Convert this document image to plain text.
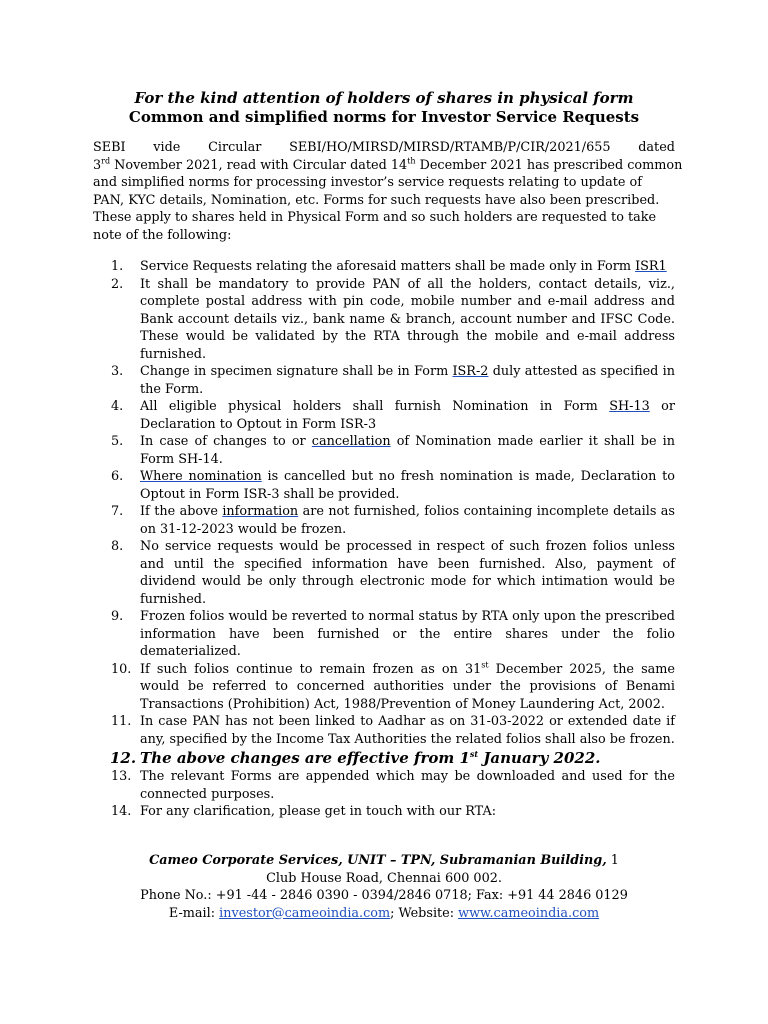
For the kind attention of holders of shares in physical form
Common and simplified norms for Investor Service Requests
SEBI vide Circular SEBI/HO/MIRSD/MIRSD/RTAMB/P/CIR/2021/655 dated
3rd November 2021, read with Circular dated 14th December 2021 has prescribed common
and simplified norms for processing investor’s service requests relating to update of
PAN, KYC details, Nomination, etc. Forms for such requests have also been prescribed.
These apply to shares held in Physical Form and so such holders are requested to take
note of the following:
1.	Service Requests relating the aforesaid matters shall be made only in Form ISR1
2.	It shall be mandatory to provide PAN of all the holders, contact details, viz., complete postal address with pin code, mobile number and e-mail address and Bank account details viz., bank name & branch, account number and IFSC Code. These would be validated by the RTA through the mobile and e-mail address furnished.
3.	Change in specimen signature shall be in Form ISR-2 duly attested as specified in the Form.
4.	All eligible physical holders shall furnish Nomination in Form SH-13 or Declaration to Optout in Form ISR-3
5.	In case of changes to or cancellation of Nomination made earlier it shall be in Form SH-14.
6.	Where nomination is cancelled but no fresh nomination is made, Declaration to Optout in Form ISR-3 shall be provided.
7.	If the above information are not furnished, folios containing incomplete details as on 31-12-2023 would be frozen.
8.	No service requests would be processed in respect of such frozen folios unless and until the specified information have been furnished. Also, payment of dividend would be only through electronic mode for which intimation would be furnished.
9.	Frozen folios would be reverted to normal status by RTA only upon the prescribed information have been furnished or the entire shares under the folio dematerialized.
10. If such folios continue to remain frozen as on 31st December 2025, the same would be referred to concerned authorities under the provisions of Benami Transactions (Prohibition) Act, 1988/Prevention of Money Laundering Act, 2002.
11. In case PAN has not been linked to Aadhar as on 31-03-2022 or extended date if any, specified by the Income Tax Authorities the related folios shall also be frozen.
12. The above changes are effective from 1st January 2022.
13. The relevant Forms are appended which may be downloaded and used for the connected purposes.
14. For any clarification, please get in touch with our RTA:
Cameo Corporate Services, UNIT – TPN, Subramanian Building, 1
Club House Road, Chennai 600 002.
Phone No.: +91 -44 - 2846 0390 - 0394/2846 0718; Fax: +91 44 2846 0129
E-mail: investor@cameoindia.com; Website: www.cameoindia.com
